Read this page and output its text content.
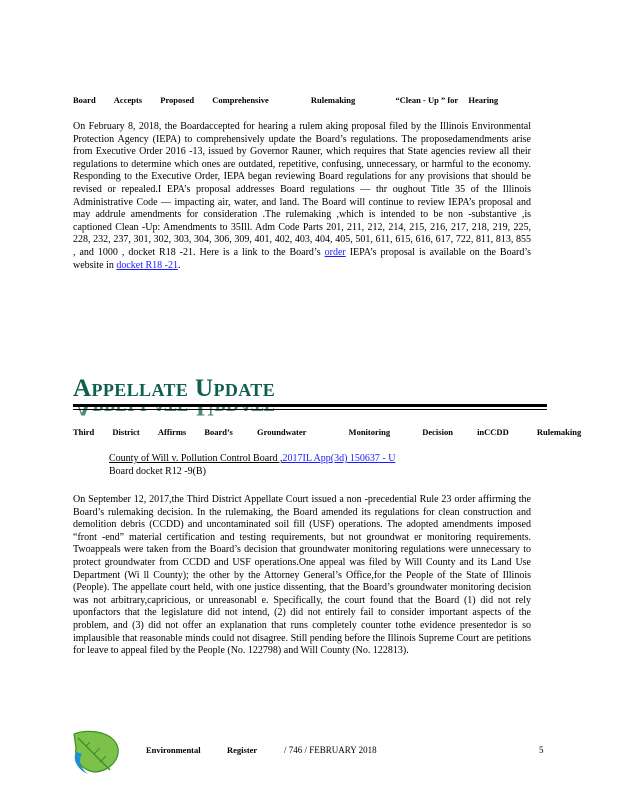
Board Accepts Proposed Comprehensive	Rulemaking	“Clean - Up ” for Hearing
On February 8, 2018, the Boardaccepted for hearing a rulem aking proposal filed by the Illinois Environmental Protection Agency (IEPA) to comprehensively update the Board’s regulations. The proposedamendments arise from Executive Order 2016 -13, issued by Governor Rauner, which requires that State agencies review all their regulations to determine which ones are outdated, repetitive, confusing, unnecessary, or harmful to the economy. Responding to the Executive Order, IEPA began reviewing Board regulations for any provisions that should be revised or repealed.I EPA’s proposal addresses Board regulations — thr oughout Title 35 of the Illinois Administrative Code — impacting air, water, and land. The Board will continue to review IEPA’s proposal and may addrule amendments for consideration .The rulemaking ,which is intended to be non -substantive ,is captioned Clean -Up: Amendments to 35Ill. Adm Code Parts 201, 211, 212, 214, 215, 216, 217, 218, 219, 225, 228, 232, 237, 301, 302, 303, 304, 306, 309, 401, 402, 403, 404, 405, 501, 611, 615, 616, 617, 722, 811, 813, 855 , and 1000 , docket R18 -21. Here is a link to the Board’s order IEPA’s proposal is available on the Board’s website in docket R18 -21.
Appellate Update
Third District Affirms Board’s	Groundwater	Monitoring	Decision	inCCDD	Rulemaking
County of Will v. Pollution Control Board ,2017IL App(3d) 150637 - U
Board docket R12 -9(B)
On September 12, 2017,the Third District Appellate Court issued a non -precedential Rule 23 order affirming the Board’s rulemaking decision. In the rulemaking, the Board amended its regulations for clean construction and demolition debris (CCDD) and uncontaminated soil fill (USF) operations. The adopted amendments imposed “front -end” material certification and testing requirements, but not groundwat er monitoring requirements. Twoappeals were taken from the Board’s decision that groundwater monitoring regulations were unnecessary to protect groundwater from CCDD and USF operations.One appeal was filed by Will County and its Land Use Department (Wi ll County); the other by the Attorney General’s Office,for the People of the State of Illinois (People). The appellate court held, with one justice dissenting, that the Board’s groundwater monitoring decision was not arbitrary,capricious, or unreasonabl e. Specifically, the court found that the Board (1) did not rely uponfactors that the legislature did not intend, (2) did not entirely fail to consider important aspects of the problem, and (3) did not offer an explanation that runs completely counter tothe evidence presentedor is so implausible that reasonable minds could not disagree. Still pending before the Illinois Supreme Court are petitions for leave to appeal filed by the People (No. 122798) and Will County (No. 122813).
Environmental	Register	/ 746 / FEBRUARY 2018	5
